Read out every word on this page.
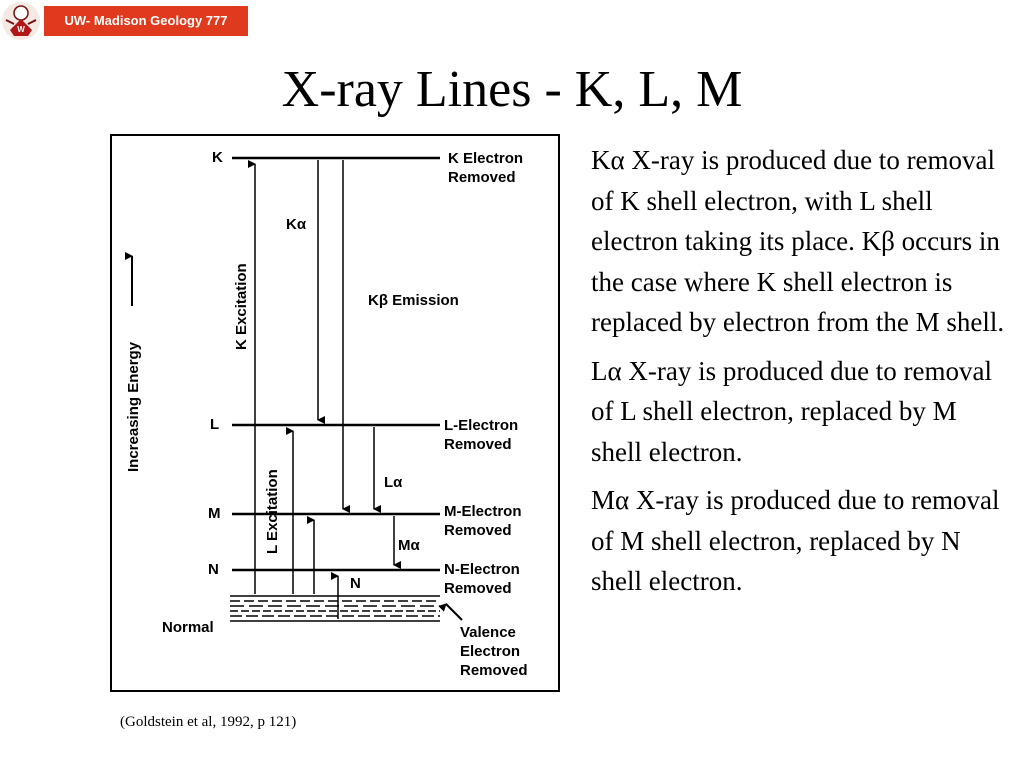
W
UW- Madison Geology 777
X-ray Lines - K, L, M
K
L
M
N
Normal
K Electron
Removed
L-Electron
Removed
M-Electron
Removed
N-Electron
Removed
Valence
Electron
Removed
Kα
Kβ Emission
Lα
Mα
N
K Excitation
L Excitation
Increasing Energy

Kα X-ray is produced due to removal of K shell electron, with L shell electron taking its place. Kβ occurs in the case where K shell electron is replaced by electron from the M shell.

Lα X-ray is produced due to removal of L shell electron, replaced by M shell electron.

Mα X-ray is produced due to removal of M shell electron, replaced by N shell electron.

(Goldstein et al, 1992, p 121)
